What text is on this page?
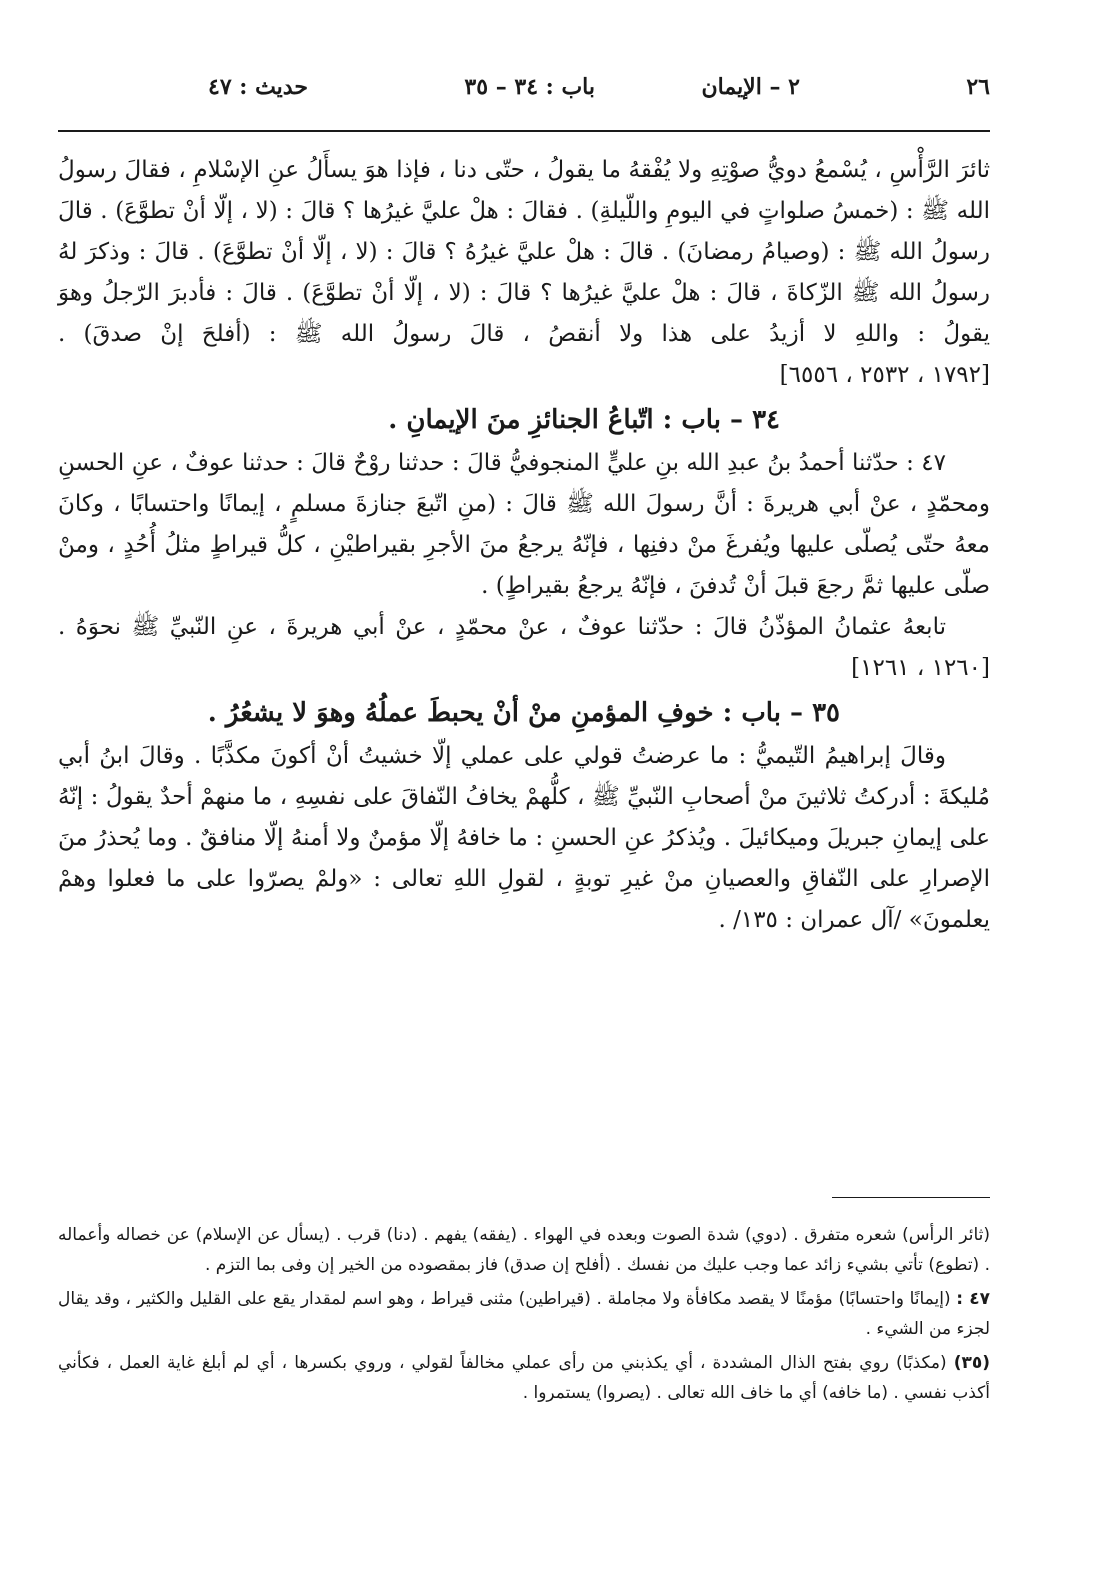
٢٦
٢ – الإيمان
باب : ٣٤ – ٣٥
حديث : ٤٧

ثائرَ الرَّأْسِ ، يُسْمعُ دويُّ صوْتِهِ ولا يُفْقهُ ما يقولُ ، حتّى دنا ، فإذا هوَ يسأَلُ عنِ الإسْلامِ ، فقالَ رسولُ الله ﷺ : (خمسُ صلواتٍ في اليومِ واللّيلةِ) . فقالَ : هلْ عليَّ غيرُها ؟ قالَ : (لا ، إلّا أنْ تطوَّعَ) . قالَ رسولُ الله ﷺ : (وصيامُ رمضانَ) . قالَ : هلْ عليَّ غيرُهُ ؟ قالَ : (لا ، إلّا أنْ تطوَّعَ) . قالَ : وذكرَ لهُ رسولُ الله ﷺ الزّكاةَ ، قالَ : هلْ عليَّ غيرُها ؟ قالَ : (لا ، إلّا أنْ تطوَّعَ) . قالَ : فأدبرَ الرّجلُ وهوَ يقولُ : واللهِ لا أزيدُ على هذا ولا أنقصُ ، قالَ رسولُ الله ﷺ : (أفلحَ إنْ صدقَ) . [١٧٩٢ ، ٢٥٣٢ ، ٦٥٥٦]

٣٤ – باب : اتّباعُ الجنائزِ منَ الإيمانِ .

٤٧ : حدّثنا أحمدُ بنُ عبدِ الله بنِ عليٍّ المنجوفيُّ قالَ : حدثنا روْحٌ قالَ : حدثنا عوفٌ ، عنِ الحسنِ ومحمّدٍ ، عنْ أبي هريرةَ : أنَّ رسولَ الله ﷺ قالَ : (منِ اتّبعَ جنازةَ مسلمٍ ، إيمانًا واحتسابًا ، وكانَ معهُ حتّى يُصلّى عليها ويُفرغَ منْ دفنِها ، فإنّهُ يرجعُ منَ الأجرِ بقيراطيْنِ ، كلُّ قيراطٍ مثلُ أُحُدٍ ، ومنْ صلّى عليها ثمَّ رجعَ قبلَ أنْ تُدفنَ ، فإنّهُ يرجعُ بقيراطٍ) .

تابعهُ عثمانُ المؤذّنُ قالَ : حدّثنا عوفٌ ، عنْ محمّدٍ ، عنْ أبي هريرةَ ، عنِ النّبيِّ ﷺ نحوَهُ . [١٢٦٠ ، ١٢٦١]

٣٥ – باب : خوفِ المؤمنِ منْ أنْ يحبطَ عملُهُ وهوَ لا يشعُرُ .

وقالَ إبراهيمُ التّيميُّ : ما عرضتُ قولي على عملي إلّا خشيتُ أنْ أكونَ مكذَّبًا . وقالَ ابنُ أبي مُليكةَ : أدركتُ ثلاثينَ منْ أصحابِ النّبيِّ ﷺ ، كلُّهمْ يخافُ النّفاقَ على نفسِهِ ، ما منهمْ أحدٌ يقولُ : إنّهُ على إيمانِ جبريلَ وميكائيلَ . ويُذكرُ عنِ الحسنِ : ما خافهُ إلّا مؤمنٌ ولا أمنهُ إلّا منافقٌ . وما يُحذرُ منَ الإصرارِ على النّفاقِ والعصيانِ منْ غيرِ توبةٍ ، لقولِ اللهِ تعالى : «ولمْ يصرّوا على ما فعلوا وهمْ يعلمونَ» /آل عمران : ١٣٥/ .

(ثائر الرأس) شعره متفرق . (دوي) شدة الصوت وبعده في الهواء . (يفقه) يفهم . (دنا) قرب . (يسأل عن الإسلام) عن خصاله وأعماله . (تطوع) تأتي بشيء زائد عما وجب عليك من نفسك . (أفلح إن صدق) فاز بمقصوده من الخير إن وفى بما التزم .

٤٧ : (إيمانًا واحتسابًا) مؤمنًا لا يقصد مكافأة ولا مجاملة . (قيراطين) مثنى قيراط ، وهو اسم لمقدار يقع على القليل والكثير ، وقد يقال لجزء من الشيء .

(٣٥) (مكذبًا) روي بفتح الذال المشددة ، أي يكذبني من رأى عملي مخالفاً لقولي ، وروي بكسرها ، أي لم أبلغ غاية العمل ، فكأني أكذب نفسي . (ما خافه) أي ما خاف الله تعالى . (يصروا) يستمروا .
